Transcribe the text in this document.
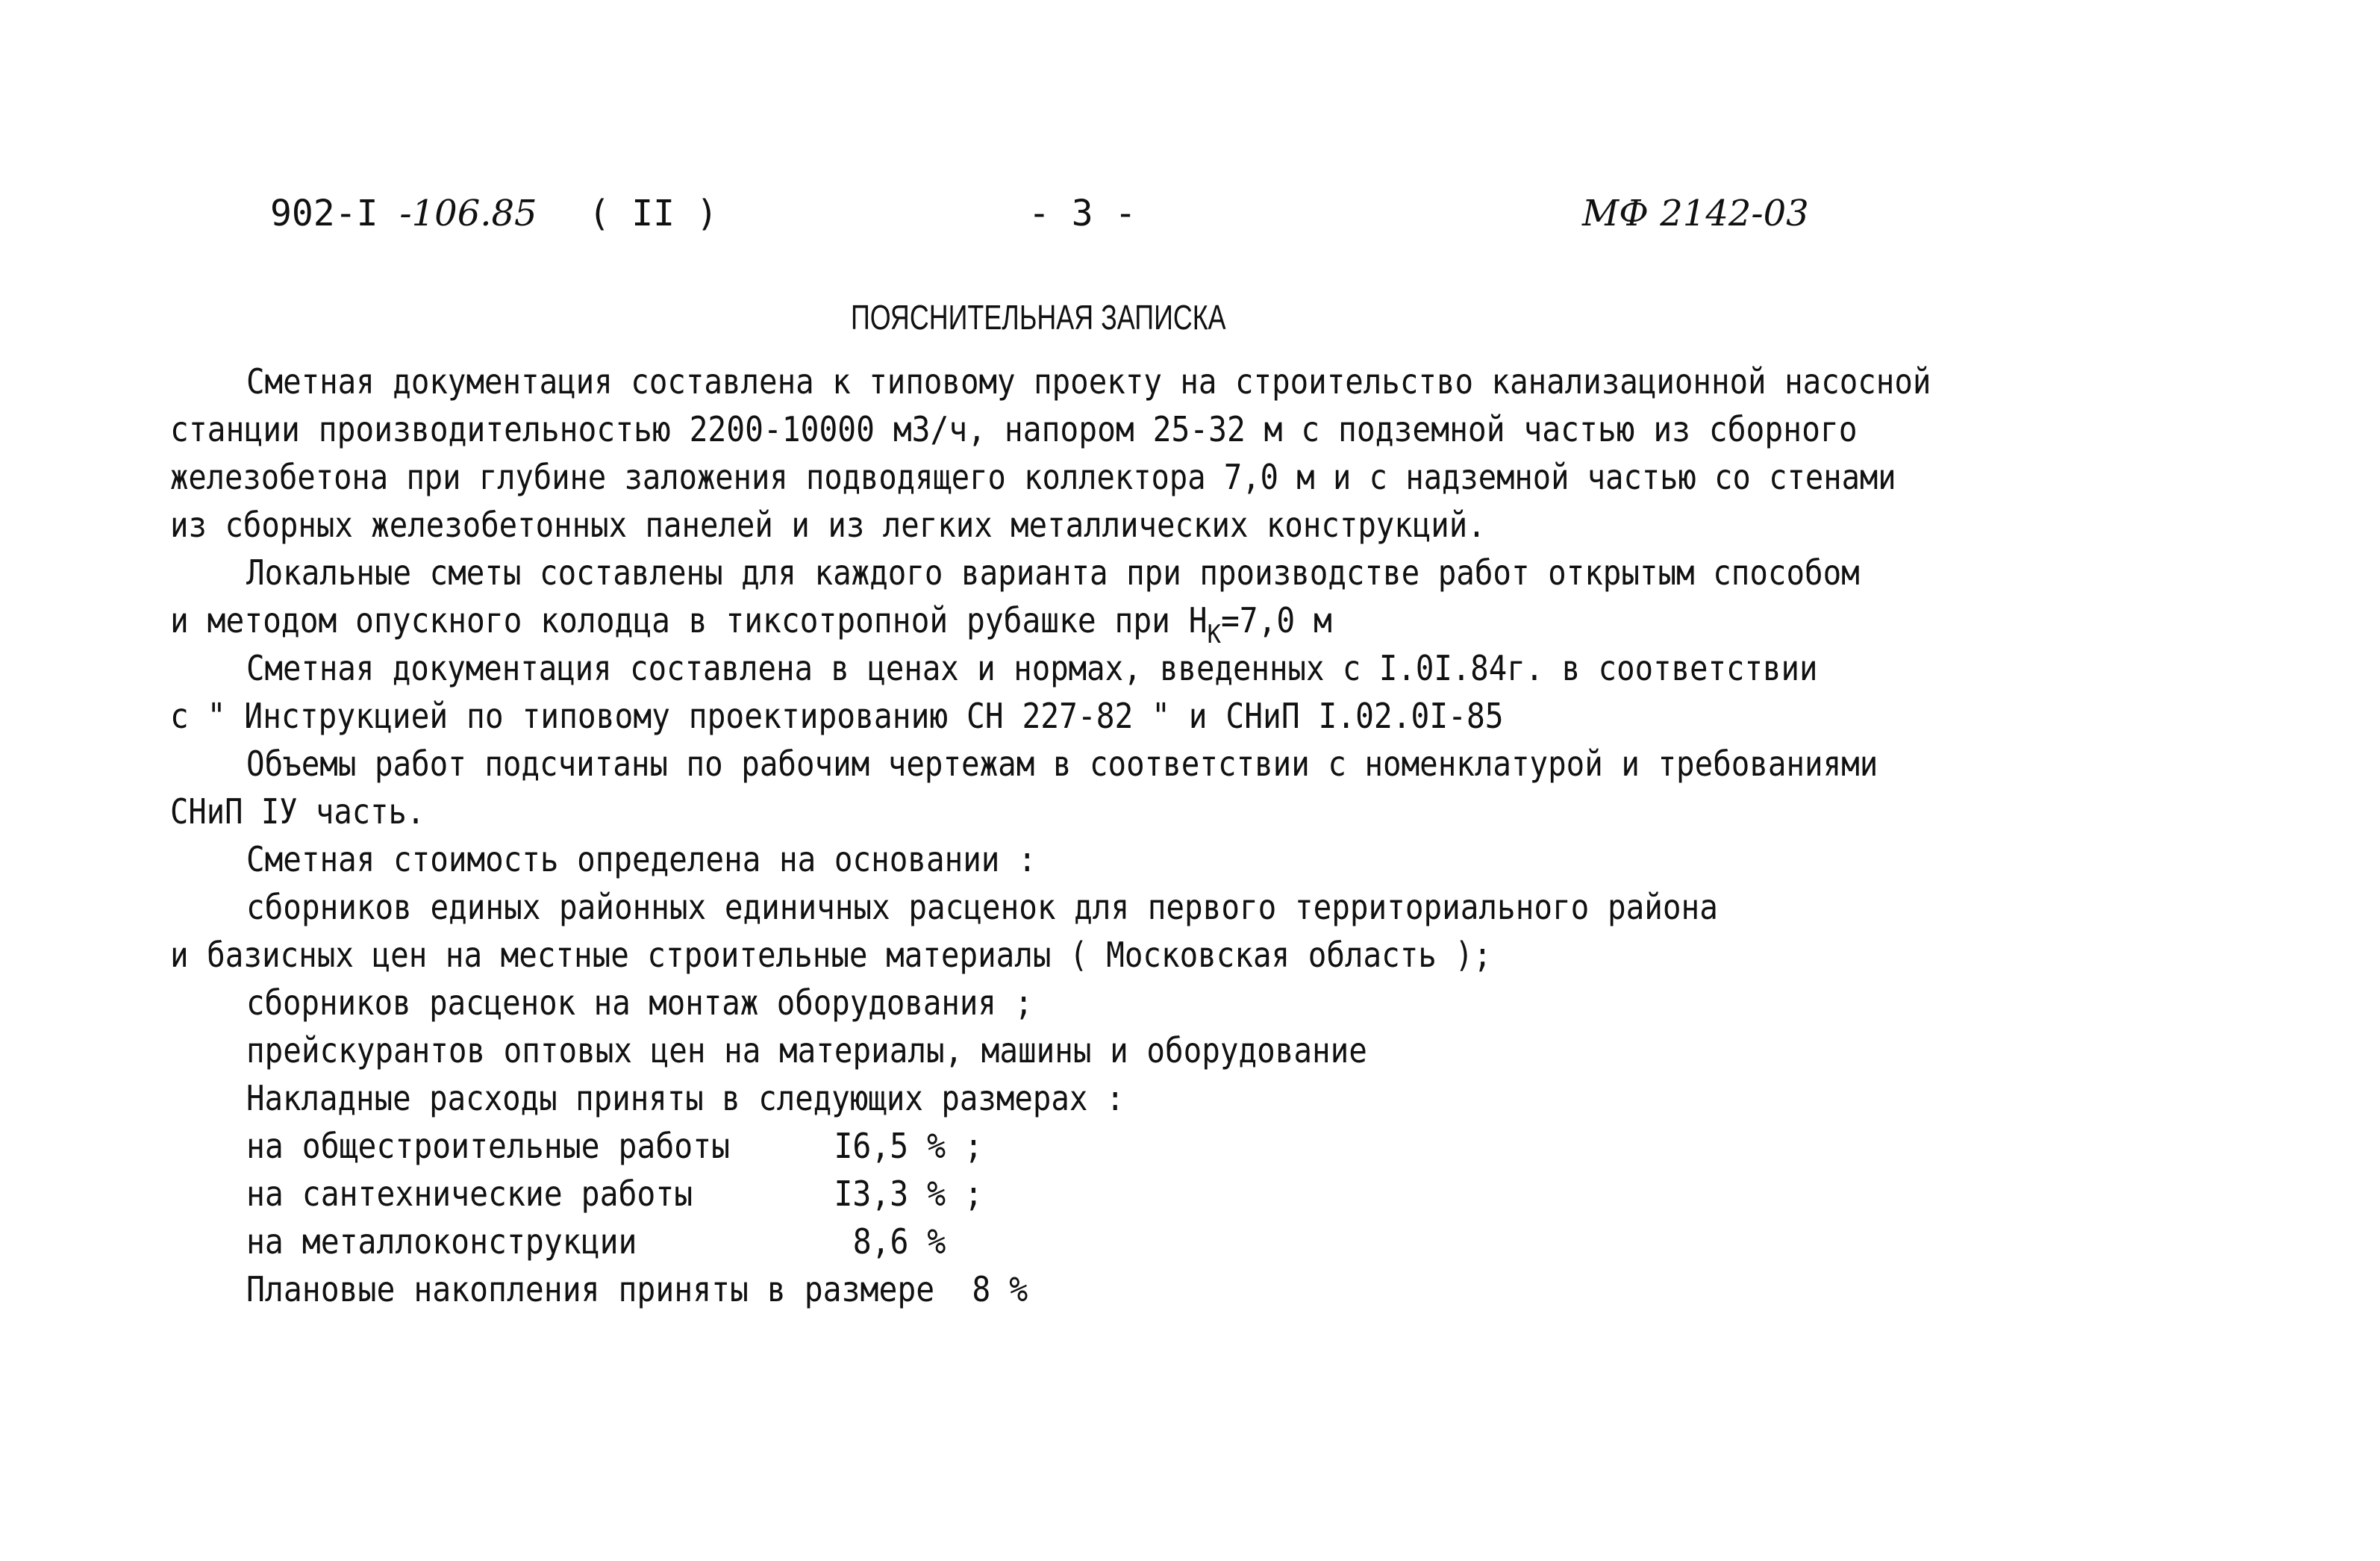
902-I -106.85 ( II )	- 3 -	МФ 2142-03
ПОЯСНИТЕЛЬНАЯ ЗАПИСКА
Сметная документация составлена к типовому проекту на строительство канализационной насосной
станции производительностью 2200-10000 м3/ч, напором 25-32 м с подземной частью из сборного
железобетона при глубине заложения подводящего коллектора 7,0 м и с надземной частью со стенами
из сборных железобетонных панелей и из легких металлических конструкций.
Локальные сметы составлены для каждого варианта при производстве работ открытым способом
и методом опускного колодца в тиксотропной рубашке при $Н_К=7,0$ м
Сметная документация составлена в ценах и нормах, введенных с I.0I.84г. в соответствии
с " Инструкцией по типовому проектированию СН 227-82 " и СНиП I.02.0I-85
Объемы работ подсчитаны по рабочим чертежам в соответствии с номенклатурой и требованиями
СНиП IУ часть.
Сметная стоимость определена на основании :
сборников единых районных единичных расценок для первого территориального района
и базисных цен на местные строительные материалы ( Московская область );
сборников расценок на монтаж оборудования ;
прейскурантов оптовых цен на материалы, машины и оборудование
Накладные расходы приняты в следующих размерах :
на общестроительные работы	I6,5 % ;
на сантехнические работы	I3,3 % ;
на металлоконструкции	8,6 %
Плановые накопления приняты в размере 8 %
